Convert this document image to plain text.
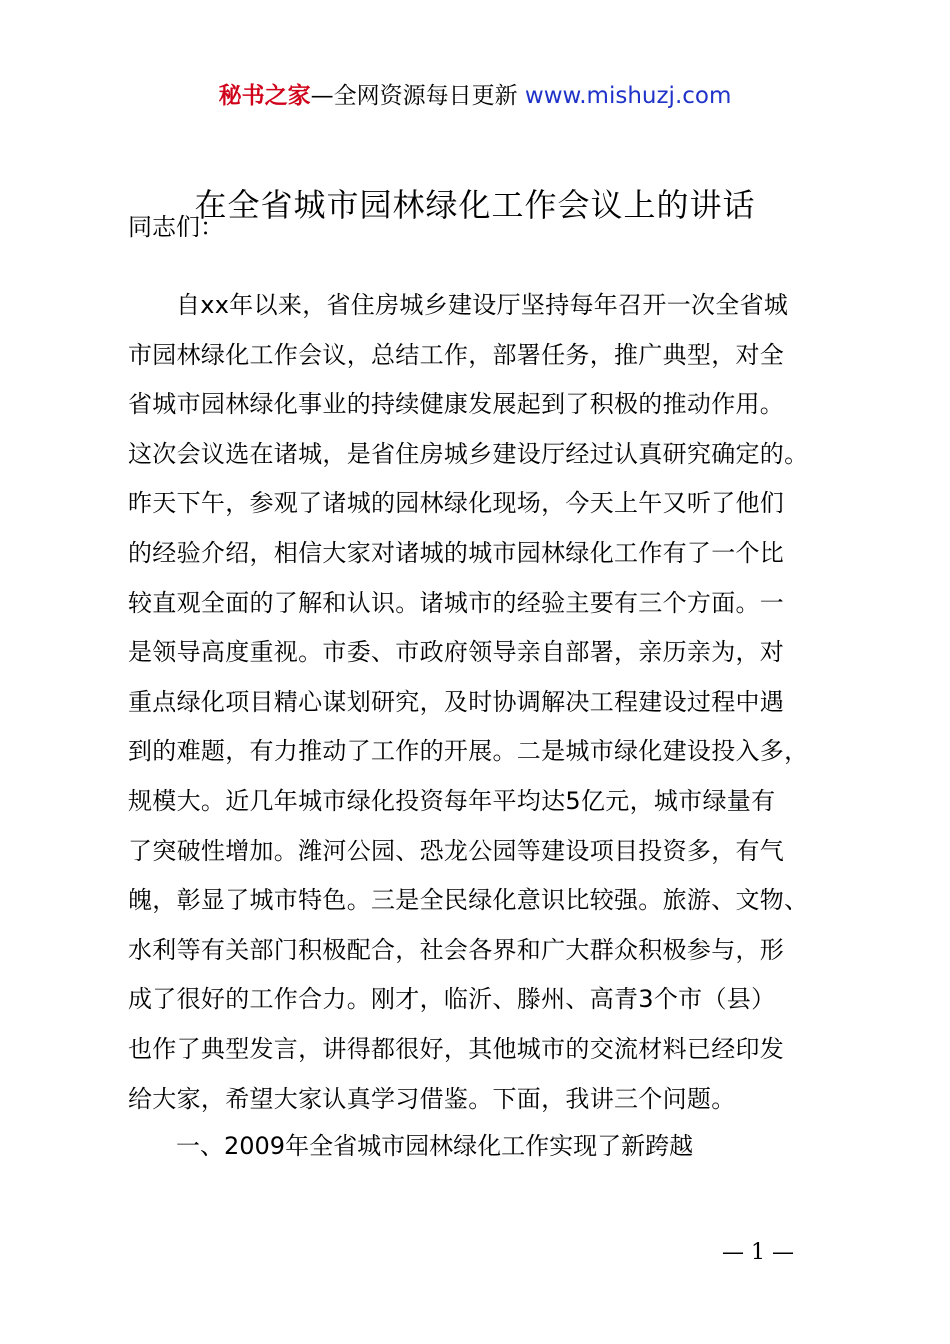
秘书之家—全网资源每日更新 www.mishuzj.com
在全省城市园林绿化工作会议上的讲话
同志们：
自xx年以来，省住房城乡建设厅坚持每年召开一次全省城
市园林绿化工作会议，总结工作，部署任务，推广典型，对全
省城市园林绿化事业的持续健康发展起到了积极的推动作用。
这次会议选在诸城，是省住房城乡建设厅经过认真研究确定的。
昨天下午，参观了诸城的园林绿化现场，今天上午又听了他们
的经验介绍，相信大家对诸城的城市园林绿化工作有了一个比
较直观全面的了解和认识。诸城市的经验主要有三个方面。一
是领导高度重视。市委、市政府领导亲自部署，亲历亲为，对
重点绿化项目精心谋划研究，及时协调解决工程建设过程中遇
到的难题，有力推动了工作的开展。二是城市绿化建设投入多，
规模大。近几年城市绿化投资每年平均达5亿元，城市绿量有
了突破性增加。潍河公园、恐龙公园等建设项目投资多，有气
魄，彰显了城市特色。三是全民绿化意识比较强。旅游、文物、
水利等有关部门积极配合，社会各界和广大群众积极参与，形
成了很好的工作合力。刚才，临沂、滕州、高青3个市（县）
也作了典型发言，讲得都很好，其他城市的交流材料已经印发
给大家，希望大家认真学习借鉴。下面，我讲三个问题。
一、2009年全省城市园林绿化工作实现了新跨越
— 1 —
